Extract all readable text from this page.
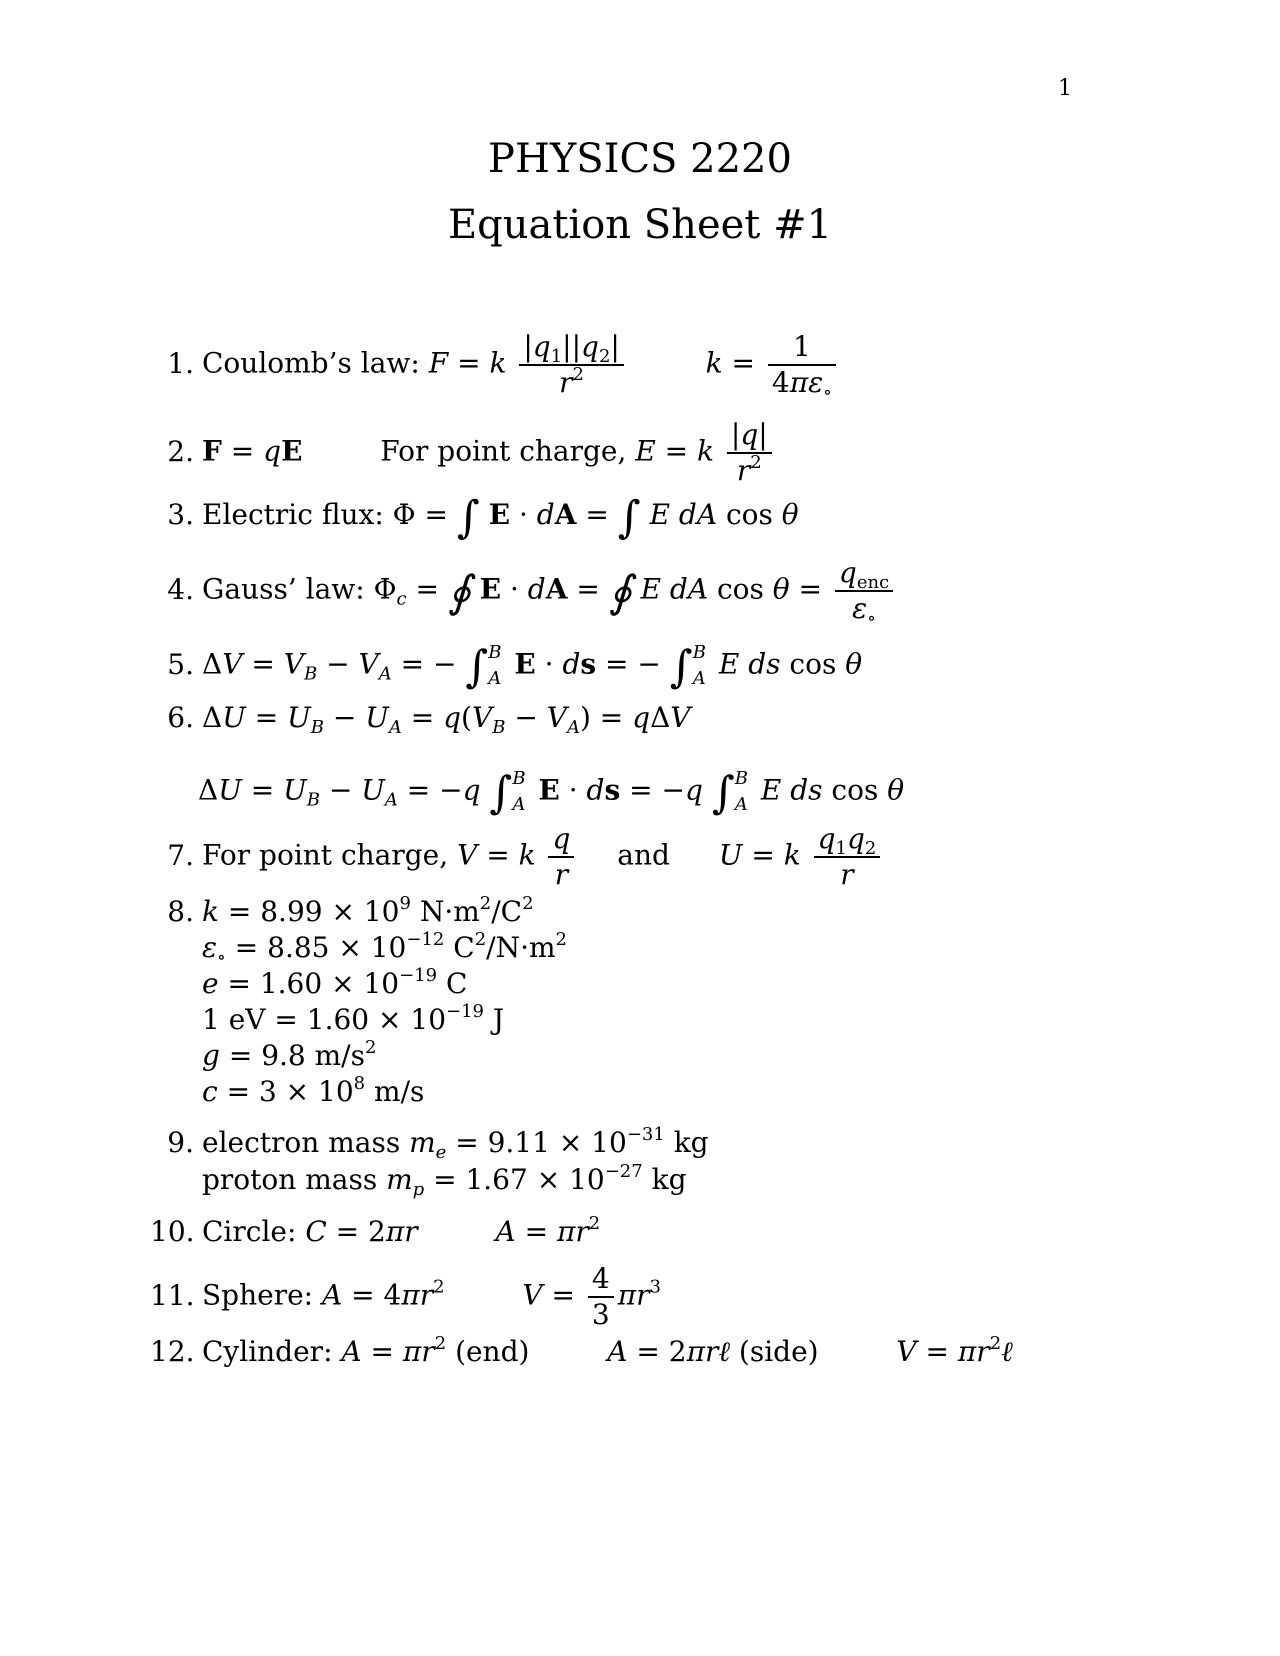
1
PHYSICS 2220
Equation Sheet #1
1. Coulomb’s law: F = k $\frac{|q_1||q_2|}{r^2}$	$k = \frac{1}{4\pi\varepsilon_\circ}$
2. F = qE	For point charge, E = k $\frac{|q|}{r^2}$
3. Electric flux: Φ = ∫ E · dA = ∫ E dA cos θ
4. Gauss’ law: $\Phi_c$ = ∮ E · dA = ∮ E dA $\cos \theta = \frac{q_{enc}}{\varepsilon_\circ}$
5. $\Delta V = V_B - V_A$ = − ∫ B
A E · ds = − ∫ B
A E ds cos θ
6. $\Delta U = U_B - U_A = q(V_B - V_A) = q\Delta V$
$\Delta U = U_B - U_A = -q$ ∫ B
A E · ds = −q ∫ B
A E ds cos θ
7. For point charge, V = k $\frac{q}{r}$ and U = k $\frac{q_1q_2}{r}$
8. $k = 8.99 \times 10^9$ $N\cdot m^2/C^2$
$\varepsilon_\circ = 8.85 \times 10^{-12}$ $C^2/N\cdot m^2$
$e = 1.60 \times 10^{-19}$ C
1 eV = $1.60 \times 10^{-19}$ J
g = 9.8 $m/s^2$
$c = 3 \times 10^8$ m/s
9. electron mass $m_e = 9.11 \times 10^{-31}$ kg
proton mass $m_p = 1.67 \times 10^{-27}$ kg
10. Circle: C = 2πr	$A = \pi r^2$
11. Sphere: $A = 4\pi r^2$	$V = \frac{4}{3} \pi r^3$
12. Cylinder: $A = \pi r^2$ (end)	A = 2πrℓ (side)	$V = \pi r^2\ell$
